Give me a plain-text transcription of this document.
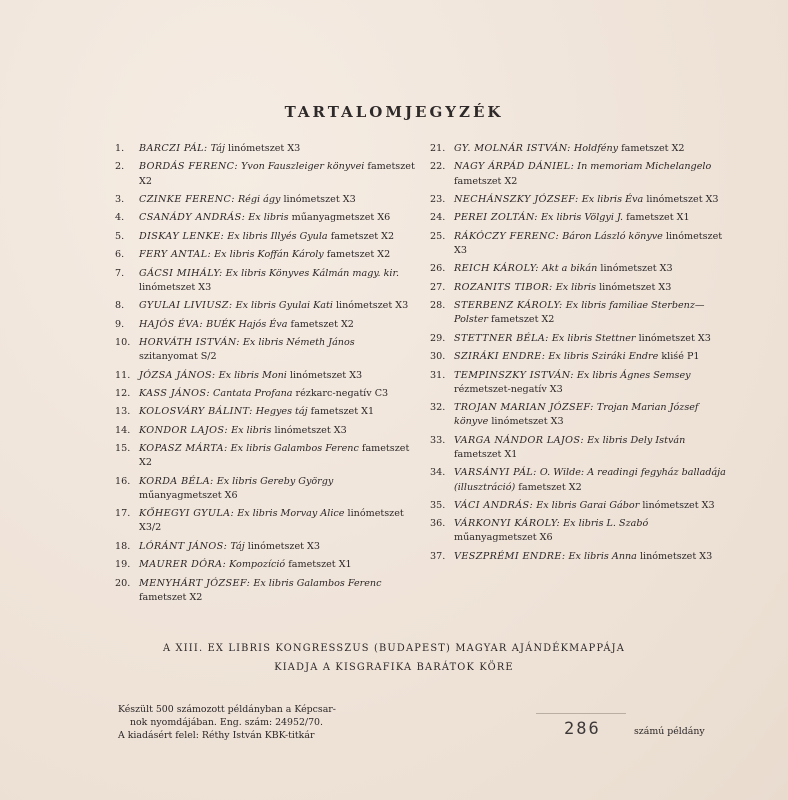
TARTALOMJEGYZÉK
1. BARCZI PÁL: Táj linómetszet X3
2. BORDÁS FERENC: Yvon Fauszleiger könyvei fametszet X2
3. CZINKE FERENC: Régi ágy linómetszet X3
4. CSANÁDY ANDRÁS: Ex libris műanyagmetszet X6
5. DISKAY LENKE: Ex libris Illyés Gyula fametszet X2
6. FERY ANTAL: Ex libris Koffán Károly fametszet X2
7. GÁCSI MIHÁLY: Ex libris Könyves Kálmán magy. kir. linómetszet X3
8. GYULAI LIVIUSZ: Ex libris Gyulai Kati linómetszet X3
9. HAJÓS ÉVA: BUÉK Hajós Éva fametszet X2
10. HORVÁTH ISTVÁN: Ex libris Németh János szitanyomat S/2
11. JÓZSA JÁNOS: Ex libris Moni linómetszet X3
12. KASS JÁNOS: Cantata Profana rézkarc-negatív C3
13. KOLOSVÁRY BÁLINT: Hegyes táj fametszet X1
14. KONDOR LAJOS: Ex libris linómetszet X3
15. KOPASZ MÁRTA: Ex libris Galambos Ferenc fametszet X2
16. KORDA BÉLA: Ex libris Gereby György műanyagmetszet X6
17. KŐHEGYI GYULA: Ex libris Morvay Alice linómetszet X3/2
18. LÓRÁNT JÁNOS: Táj linómetszet X3
19. MAURER DÓRA: Kompozíció fametszet X1
20. MENYHÁRT JÓZSEF: Ex libris Galambos Ferenc fametszet X2
21. GY. MOLNÁR ISTVÁN: Holdfény fametszet X2
22. NAGY ÁRPÁD DÁNIEL: In memoriam Michelangelo fametszet X2
23. NECHÁNSZKY JÓZSEF: Ex libris Éva linómetszet X3
24. PEREI ZOLTÁN: Ex libris Völgyi J. fametszet X1
25. RÁKÓCZY FERENC: Báron László könyve linómetszet X3
26. REICH KÁROLY: Akt a bikán linómetszet X3
27. ROZANITS TIBOR: Ex libris linómetszet X3
28. STERBENZ KÁROLY: Ex libris familiae Sterbenz—Polster fametszet X2
29. STETTNER BÉLA: Ex libris Stettner linómetszet X3
30. SZIRÁKI ENDRE: Ex libris Sziráki Endre kliśé P1
31. TEMPINSZKY ISTVÁN: Ex libris Ágnes Semsey rézmetszet-negatív X3
32. TROJAN MARIAN JÓZSEF: Trojan Marian József könyve linómetszet X3
33. VARGA NÁNDOR LAJOS: Ex libris Dely István fametszet X1
34. VARSÁNYI PÁL: O. Wilde: A readingi fegyház balladája (illusztráció) fametszet X2
35. VÁCI ANDRÁS: Ex libris Garai Gábor linómetszet X3
36. VÁRKONYI KÁROLY: Ex libris L. Szabó műanyagmetszet X6
37. VESZPRÉMI ENDRE: Ex libris Anna linómetszet X3
A XIII. EX LIBRIS KONGRESSZUS (BUDAPEST) MAGYAR AJÁNDÉKMAPPÁJA
KIADJA A KISGRAFIKA BARÁTOK KÖRE
Készült 500 számozott példányban a Képcsar-
nok nyomdájában. Eng. szám: 24952/70.
A kiadásért felel: Réthy István KBK-titkár	286	számú példány
